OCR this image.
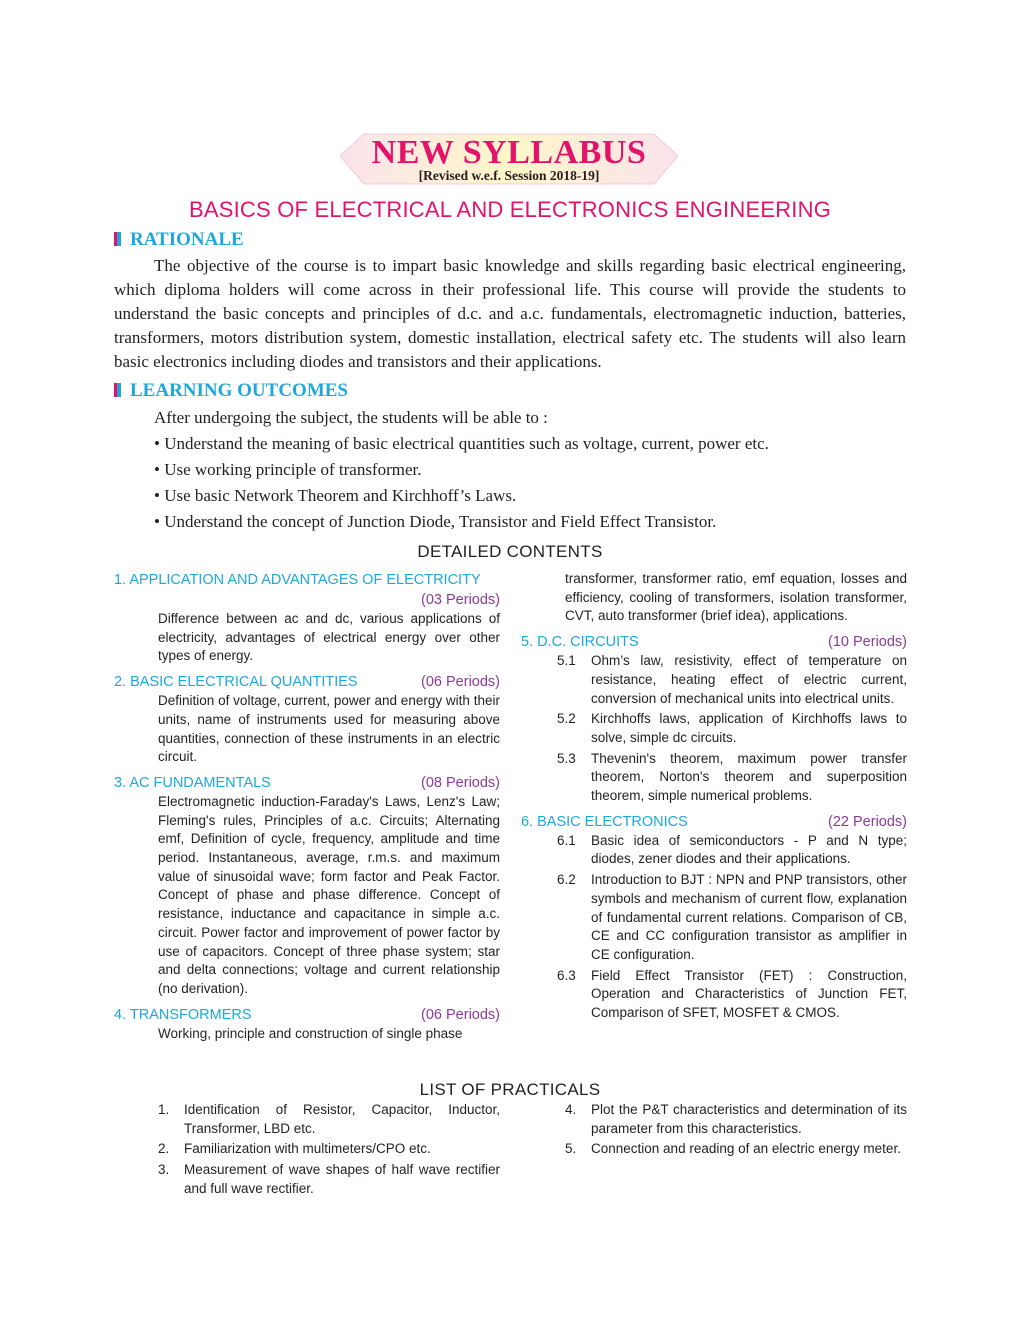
NEW SYLLABUS
[Revised w.e.f. Session 2018-19]
BASICS OF ELECTRICAL AND ELECTRONICS ENGINEERING
RATIONALE
The objective of the course is to impart basic knowledge and skills regarding basic electrical engineering, which diploma holders will come across in their professional life. This course will provide the students to understand the basic concepts and principles of d.c. and a.c. fundamentals, electromagnetic induction, batteries, transformers, motors distribution system, domestic installation, electrical safety etc. The students will also learn basic electronics including diodes and transistors and their applications.
LEARNING OUTCOMES
After undergoing the subject, the students will be able to :
• Understand the meaning of basic electrical quantities such as voltage, current, power etc.
• Use working principle of transformer.
• Use basic Network Theorem and Kirchhoff’s Laws.
• Understand the concept of Junction Diode, Transistor and Field Effect Transistor.
DETAILED CONTENTS

1. APPLICATION AND ADVANTAGES OF ELECTRICITY

(03 Periods)

Difference between ac and dc, various applications of electricity, advantages of electrical energy over other types of energy.

2. BASIC ELECTRICAL QUANTITIES	(06 Periods)

Definition of voltage, current, power and energy with their units, name of instruments used for measuring above quantities, connection of these instruments in an electric circuit.

3. AC FUNDAMENTALS	(08 Periods)

Electromagnetic induction-Faraday's Laws, Lenz's Law; Fleming's rules, Principles of a.c. Circuits; Alternating emf, Definition of cycle, frequency, amplitude and time period. Instantaneous, average, r.m.s. and maximum value of sinusoidal wave; form factor and Peak Factor. Concept of phase and phase difference. Concept of resistance, inductance and capacitance in simple a.c. circuit. Power factor and improvement of power factor by use of capacitors. Concept of three phase system; star and delta connections; voltage and current relationship (no derivation).

4. TRANSFORMERS	(06 Periods)

Working, principle and construction of single phase

transformer, transformer ratio, emf equation, losses and efficiency, cooling of transformers, isolation transformer, CVT, auto transformer (brief idea), applications.

5. D.C. CIRCUITS	(10 Periods)

5.1 Ohm’s law, resistivity, effect of temperature on resistance, heating effect of electric current, conversion of mechanical units into electrical units.

5.2 Kirchhoffs laws, application of Kirchhoffs laws to solve, simple dc circuits.

5.3 Thevenin's theorem, maximum power transfer theorem, Norton's theorem and superposition theorem, simple numerical problems.

6. BASIC ELECTRONICS	(22 Periods)

6.1 Basic idea of semiconductors - P and N type; diodes, zener diodes and their applications.

6.2 Introduction to BJT : NPN and PNP transistors, other symbols and mechanism of current flow, explanation of fundamental current relations. Comparison of CB, CE and CC configuration transistor as amplifier in CE configuration.

6.3 Field Effect Transistor (FET) : Construction, Operation and Characteristics of Junction FET, Comparison of SFET, MOSFET & CMOS.

LIST OF PRACTICALS

1. Identification of Resistor, Capacitor, Inductor, Transformer, LBD etc.

2. Familiarization with multimeters/CPO etc.

3. Measurement of wave shapes of half wave rectifier and full wave rectifier.

4. Plot the P&T characteristics and determination of its parameter from this characteristics.

5. Connection and reading of an electric energy meter.
